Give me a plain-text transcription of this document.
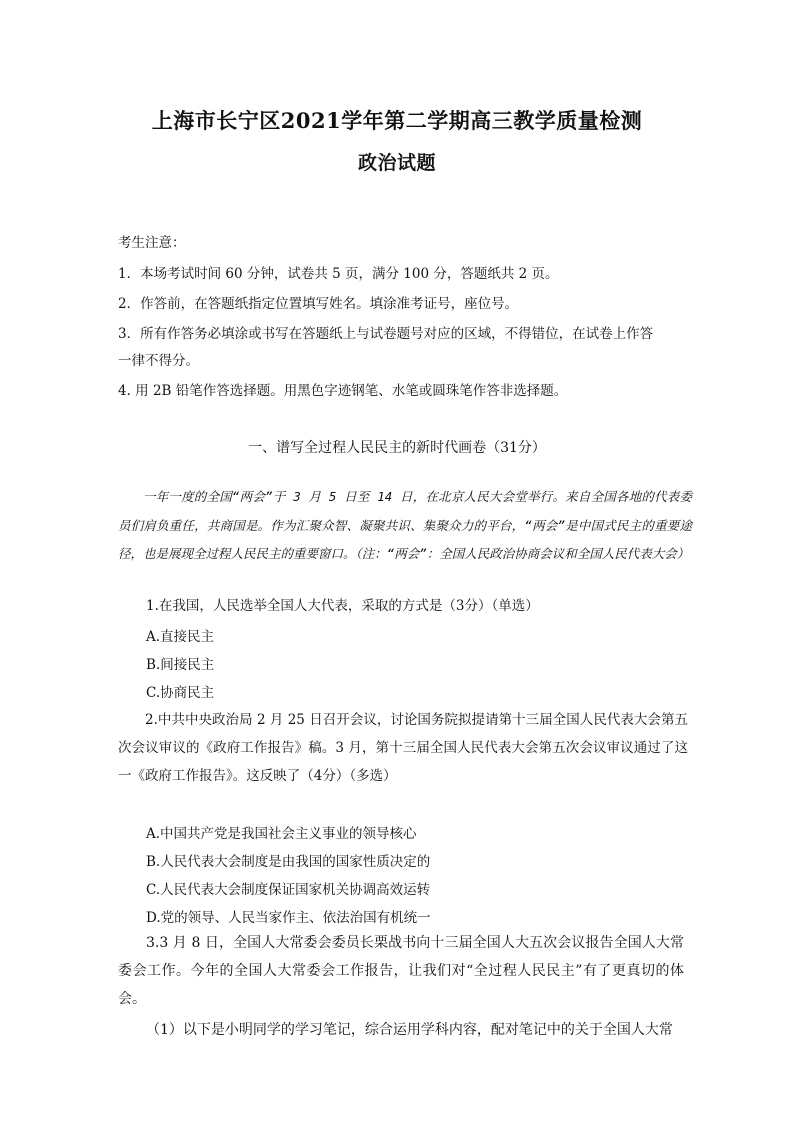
上海市长宁区2021学年第二学期高三教学质量检测
政治试题
考生注意：
1．本场考试时间 60 分钟，试卷共 5 页，满分 100 分，答题纸共 2 页。
2．作答前，在答题纸指定位置填写姓名。填涂准考证号，座位号。
3．所有作答务必填涂或书写在答题纸上与试卷题号对应的区域，不得错位，在试卷上作答
一律不得分。
4. 用 2B 铅笔作答选择题。用黑色字迹钢笔、水笔或圆珠笔作答非选择题。
一、谱写全过程人民民主的新时代画卷（31分）
一年一度的全国“两会”于 3 月 5 日至 14 日，在北京人民大会堂举行。来自全国各地的代表委员们肩负重任，共商国是。作为汇聚众智、凝聚共识、集聚众力的平台，“两会”是中国式民主的重要途径，也是展现全过程人民民主的重要窗口。（注：“两会”：全国人民政治协商会议和全国人民代表大会）
1.在我国，人民选举全国人大代表，采取的方式是（3分）（单选）
A.直接民主
B.间接民主
C.协商民主
2.中共中央政治局 2 月 25 日召开会议，讨论国务院拟提请第十三届全国人民代表大会第五次会议审议的《政府工作报告》稿。3 月，第十三届全国人民代表大会第五次会议审议通过了这一《政府工作报告》。这反映了（4分）（多选）
A.中国共产党是我国社会主义事业的领导核心
B.人民代表大会制度是由我国的国家性质决定的
C.人民代表大会制度保证国家机关协调高效运转
D.党的领导、人民当家作主、依法治国有机统一
3.3 月 8 日，全国人大常委会委员长栗战书向十三届全国人大五次会议报告全国人大常委会工作。今年的全国人大常委会工作报告，让我们对“全过程人民民主”有了更真切的体会。
（1）以下是小明同学的学习笔记，综合运用学科内容，配对笔记中的关于全国人大常
